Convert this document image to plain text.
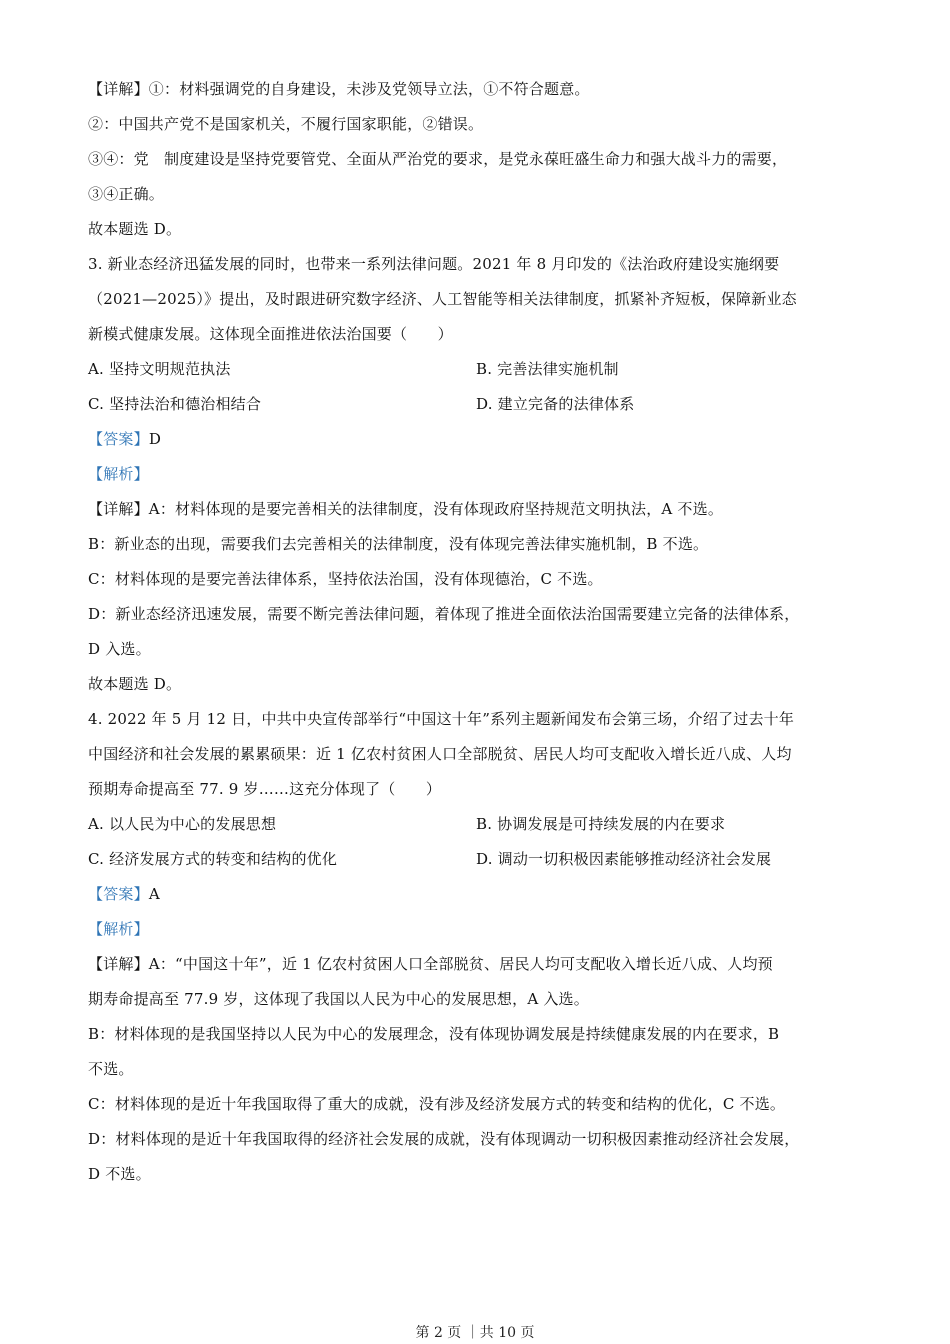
【详解】①：材料强调党的自身建设，未涉及党领导立法，①不符合题意。
②：中国共产党不是国家机关，不履行国家职能，②错误。
③④：党　制度建设是坚持党要管党、全面从严治党的要求，是党永葆旺盛生命力和强大战斗力的需要，
③④正确。
故本题选 D。
3. 新业态经济迅猛发展的同时，也带来一系列法律问题。2021 年 8 月印发的《法治政府建设实施纲要
（2021—2025）》提出，及时跟进研究数字经济、人工智能等相关法律制度，抓紧补齐短板，保障新业态
新模式健康发展。这体现全面推进依法治国要（　　）
A. 坚持文明规范执法	B. 完善法律实施机制
C. 坚持法治和德治相结合	D. 建立完备的法律体系
【答案】D
【解析】
【详解】A：材料体现的是要完善相关的法律制度，没有体现政府坚持规范文明执法，A 不选。
B：新业态的出现，需要我们去完善相关的法律制度，没有体现完善法律实施机制，B 不选。
C：材料体现的是要完善法律体系，坚持依法治国，没有体现德治，C 不选。
D：新业态经济迅速发展，需要不断完善法律问题，着体现了推进全面依法治国需要建立完备的法律体系，
D 入选。
故本题选 D。
4. 2022 年 5 月 12 日，中共中央宣传部举行“中国这十年”系列主题新闻发布会第三场，介绍了过去十年
中国经济和社会发展的累累硕果：近 1 亿农村贫困人口全部脱贫、居民人均可支配收入增长近八成、人均
预期寿命提高至 77. 9 岁……这充分体现了（　　）
A. 以人民为中心的发展思想	B. 协调发展是可持续发展的内在要求
C. 经济发展方式的转变和结构的优化	D. 调动一切积极因素能够推动经济社会发展
【答案】A
【解析】
【详解】A：“中国这十年”，近 1 亿农村贫困人口全部脱贫、居民人均可支配收入增长近八成、人均预
期寿命提高至 77.9 岁，这体现了我国以人民为中心的发展思想，A 入选。
B：材料体现的是我国坚持以人民为中心的发展理念，没有体现协调发展是持续健康发展的内在要求，B
不选。
C：材料体现的是近十年我国取得了重大的成就，没有涉及经济发展方式的转变和结构的优化，C 不选。
D：材料体现的是近十年我国取得的经济社会发展的成就，没有体现调动一切积极因素推动经济社会发展，
D 不选。
第 2 页 ｜共 10 页
